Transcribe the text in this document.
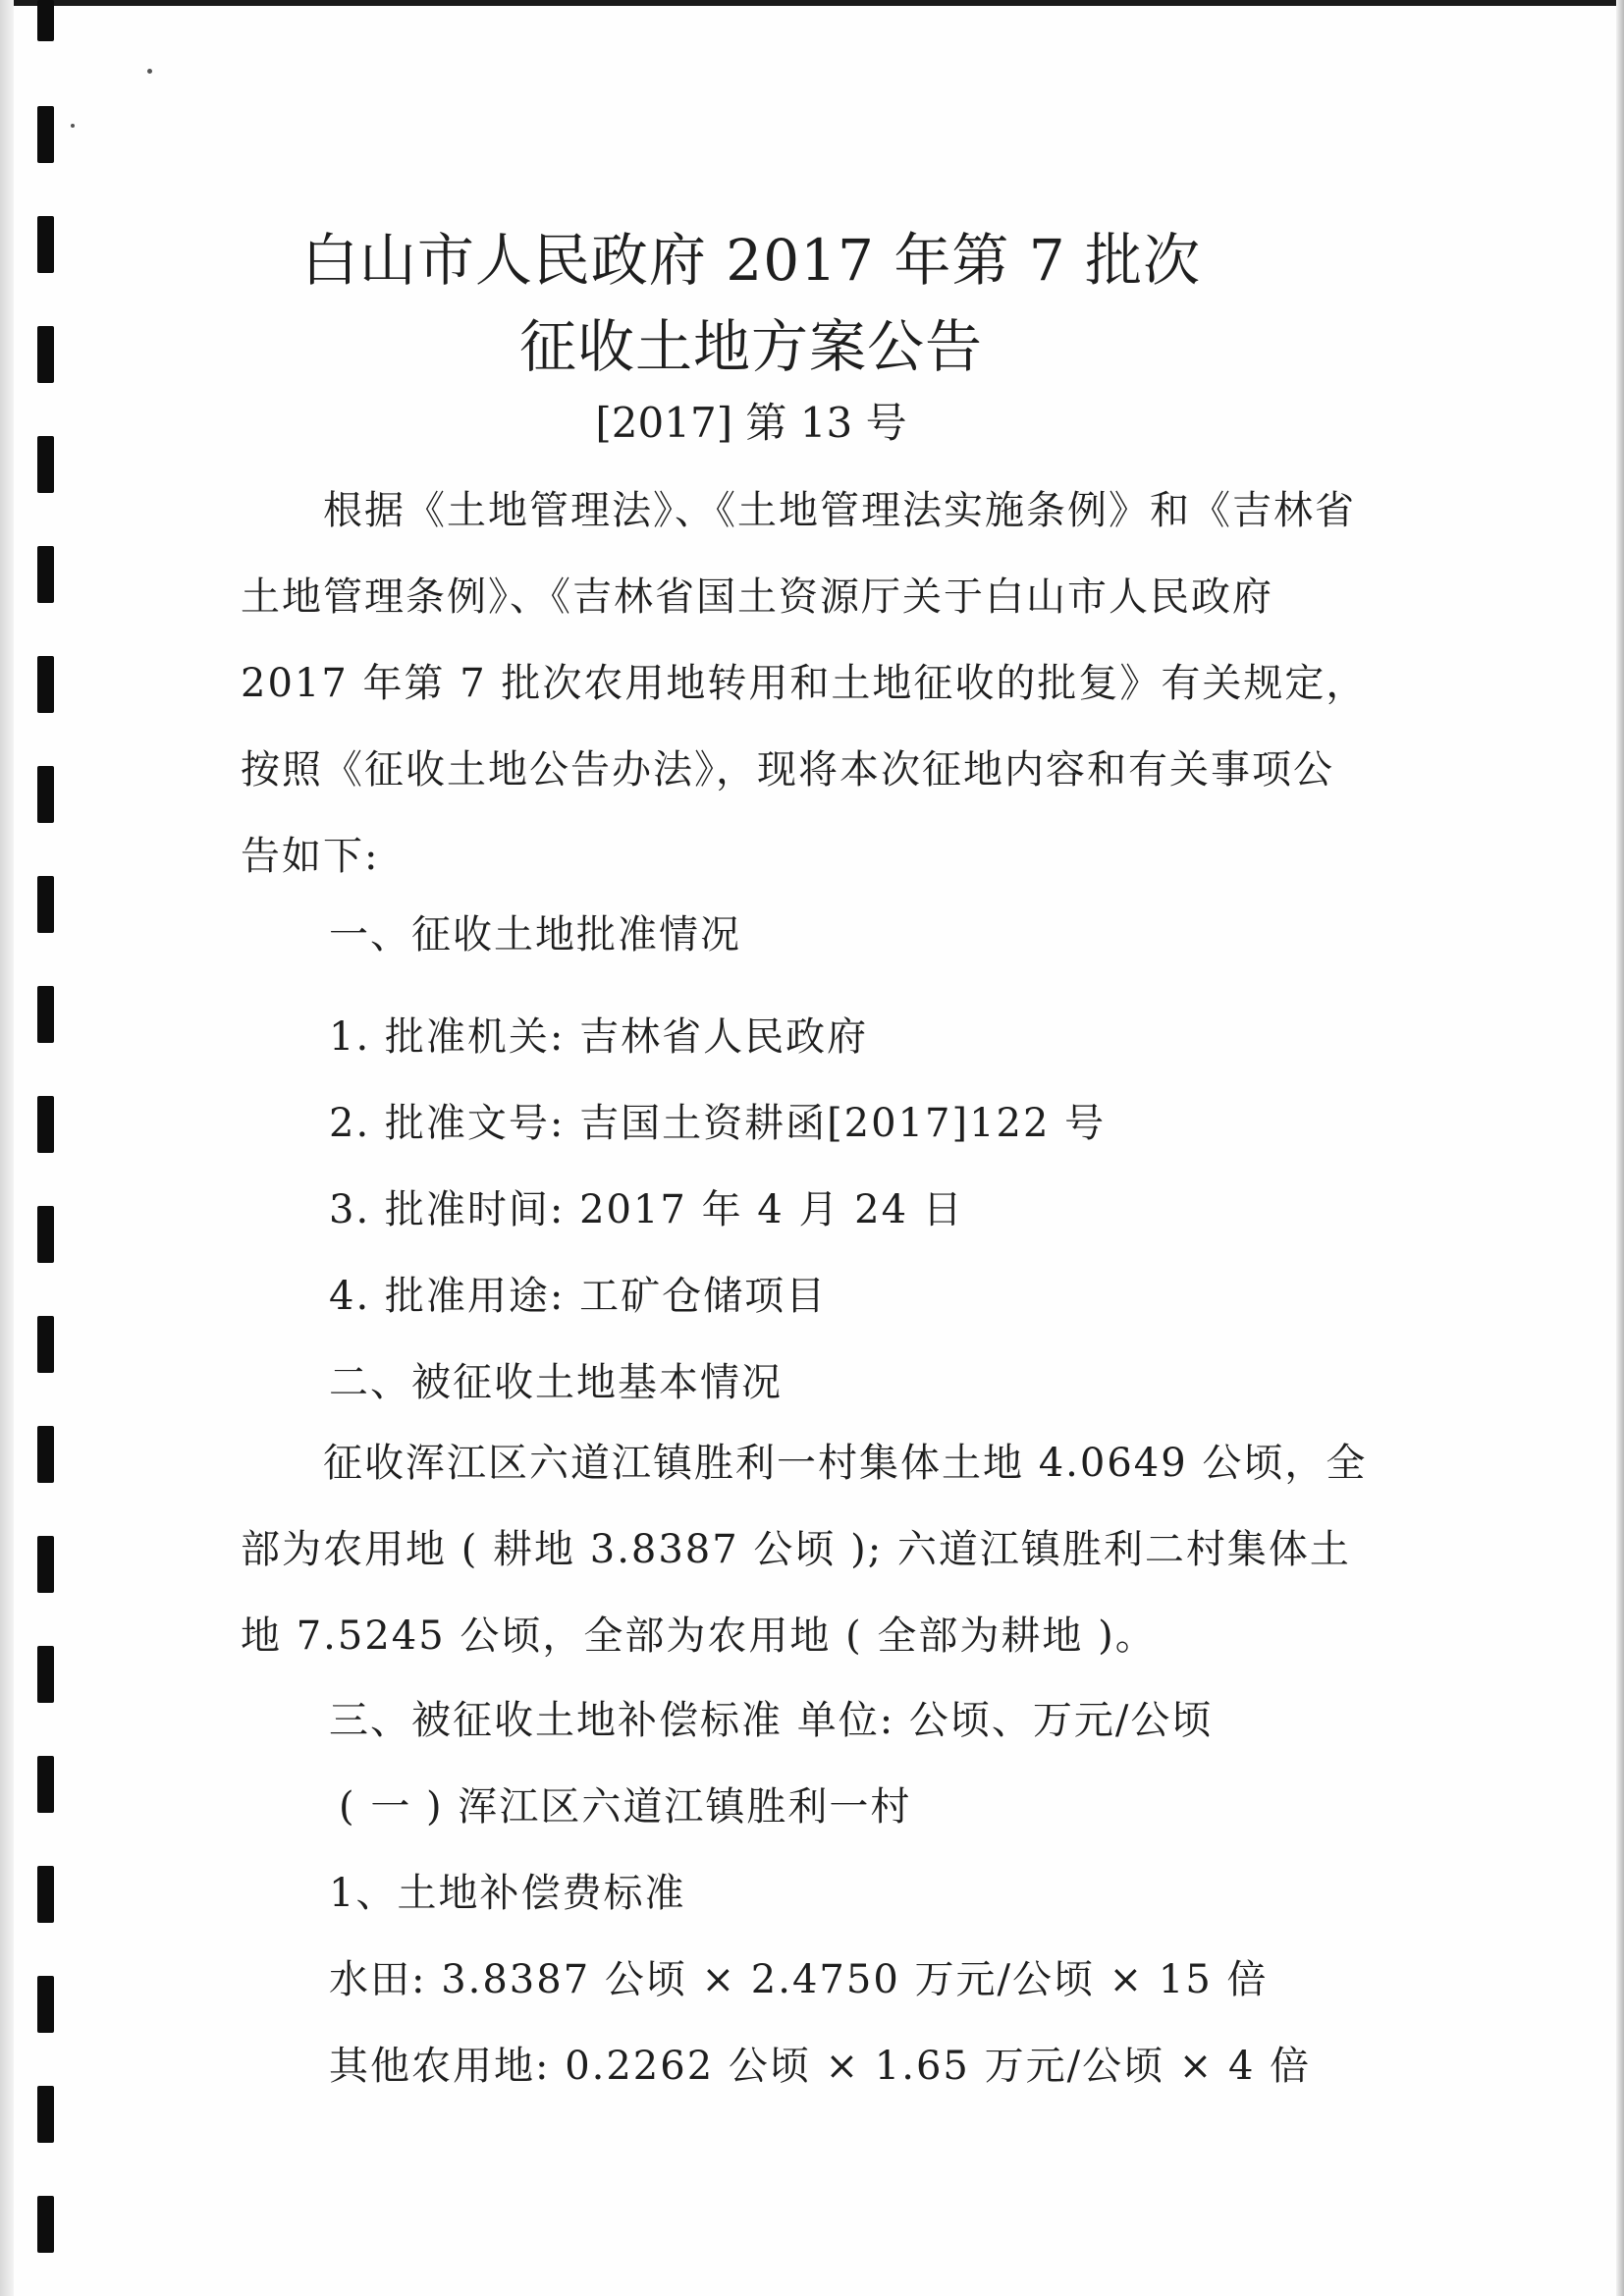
白山市人民政府 2017 年第 7 批次
征收土地方案公告

[2017] 第 13 号

根据《土地管理法》、《土地管理法实施条例》和《吉林省土地管理条例》、《吉林省国土资源厅关于白山市人民政府 2017 年第 7 批次农用地转用和土地征收的批复》有关规定，按照《征收土地公告办法》，现将本次征地内容和有关事项公告如下:

一、征收土地批准情况

1. 批准机关: 吉林省人民政府

2. 批准文号: 吉国土资耕函[2017]122 号

3. 批准时间: 2017 年 4 月 24 日

4. 批准用途: 工矿仓储项目

二、被征收土地基本情况

征收浑江区六道江镇胜利一村集体土地 4.0649 公顷，全部为农用地 ( 耕地 3.8387 公顷 ); 六道江镇胜利二村集体土地 7.5245 公顷，全部为农用地 ( 全部为耕地 )。

三、被征收土地补偿标准 单位: 公顷、万元/公顷

( 一 ) 浑江区六道江镇胜利一村

1、土地补偿费标准

水田: 3.8387 公顷 × 2.4750 万元/公顷 × 15 倍

其他农用地: 0.2262 公顷 × 1.65 万元/公顷 × 4 倍
